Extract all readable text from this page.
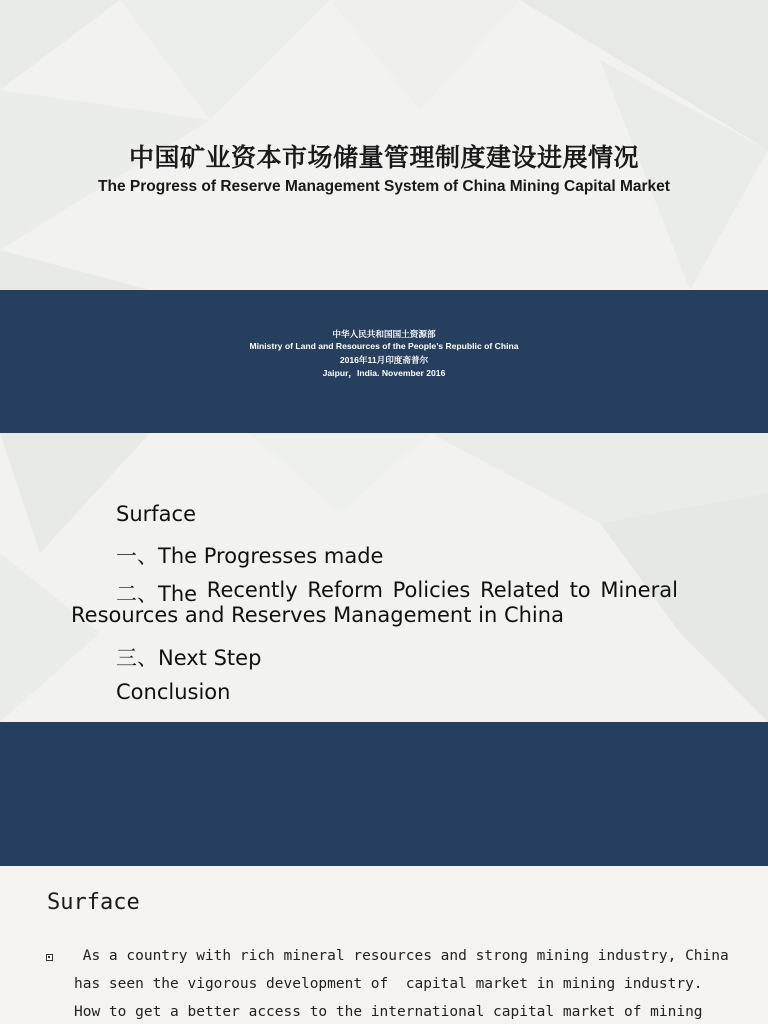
中国矿业资本市场储量管理制度建设进展情况
The Progress of Reserve Management System of China Mining Capital Market
中华人民共和国国土资源部
Ministry of Land and Resources of the People’s Republic of China
2016年11月印度斋普尔
Jaipur，India. November 2016
Surface
一、The Progresses made
二、The Recently Reform Policies Related to Mineral
Resources and Reserves Management in China
三、Next Step
Conclusion
Surface
As a country with rich mineral resources and strong mining industry, China
has seen the vigorous development of  capital market in mining industry.
How to get a better access to the international capital market of mining
